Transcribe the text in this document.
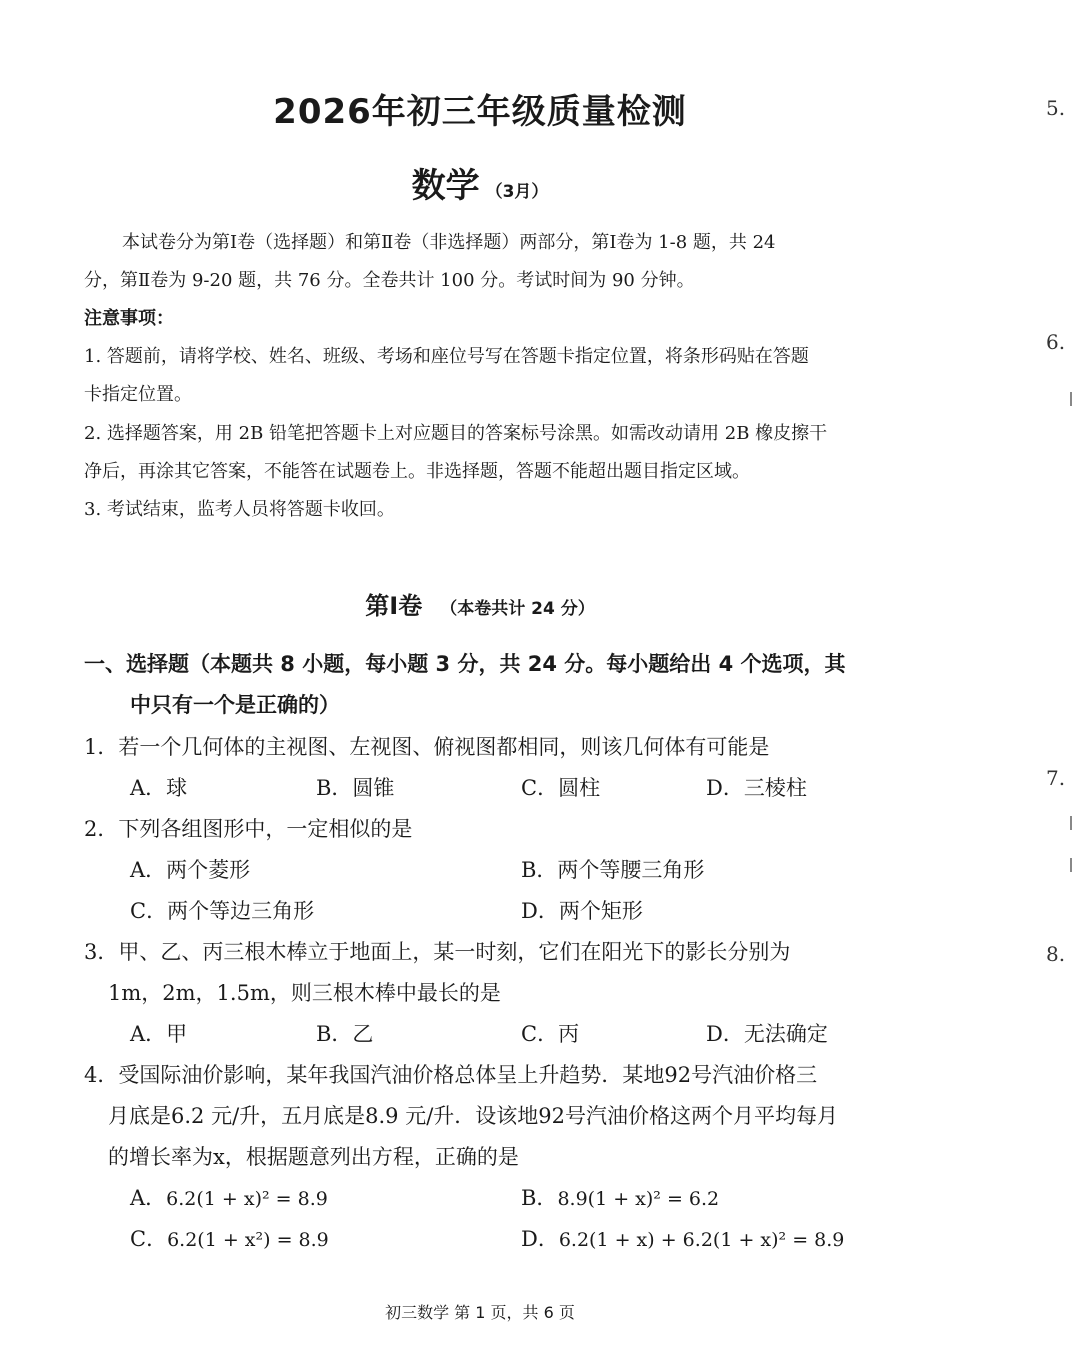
2026年初三年级质量检测
数学 （3月）
本试卷分为第Ⅰ卷（选择题）和第Ⅱ卷（非选择题）两部分，第Ⅰ卷为 1-8 题，共 24
分，第Ⅱ卷为 9-20 题，共 76 分。全卷共计 100 分。考试时间为 90 分钟。
注意事项：
1. 答题前，请将学校、姓名、班级、考场和座位号写在答题卡指定位置，将条形码贴在答题
卡指定位置。
2. 选择题答案，用 2B 铅笔把答题卡上对应题目的答案标号涂黑。如需改动请用 2B 橡皮擦干
净后，再涂其它答案，不能答在试题卷上。非选择题，答题不能超出题目指定区域。
3. 考试结束，监考人员将答题卡收回。
第Ⅰ卷 （本卷共计 24 分）
一、选择题（本题共 8 小题，每小题 3 分，共 24 分。每小题给出 4 个选项，其
中只有一个是正确的）
1．若一个几何体的主视图、左视图、俯视图都相同，则该几何体有可能是
A．球	B．圆锥	C．圆柱	D．三棱柱
2．下列各组图形中，一定相似的是
A．两个菱形	B．两个等腰三角形
C．两个等边三角形	D．两个矩形
3．甲、乙、丙三根木棒立于地面上，某一时刻，它们在阳光下的影长分别为
1m，2m，1.5m，则三根木棒中最长的是
A．甲	B．乙	C．丙	D．无法确定
4．受国际油价影响，某年我国汽油价格总体呈上升趋势．某地92号汽油价格三
月底是6.2 元/升，五月底是8.9 元/升．设该地92号汽油价格这两个月平均每月
的增长率为x，根据题意列出方程，正确的是
A．6.2(1 + x)² = 8.9	B．8.9(1 + x)² = 6.2
C．6.2(1 + x²) = 8.9	D．6.2(1 + x) + 6.2(1 + x)² = 8.9
初三数学 第 1 页，共 6 页
5.
6.
7.
8.
